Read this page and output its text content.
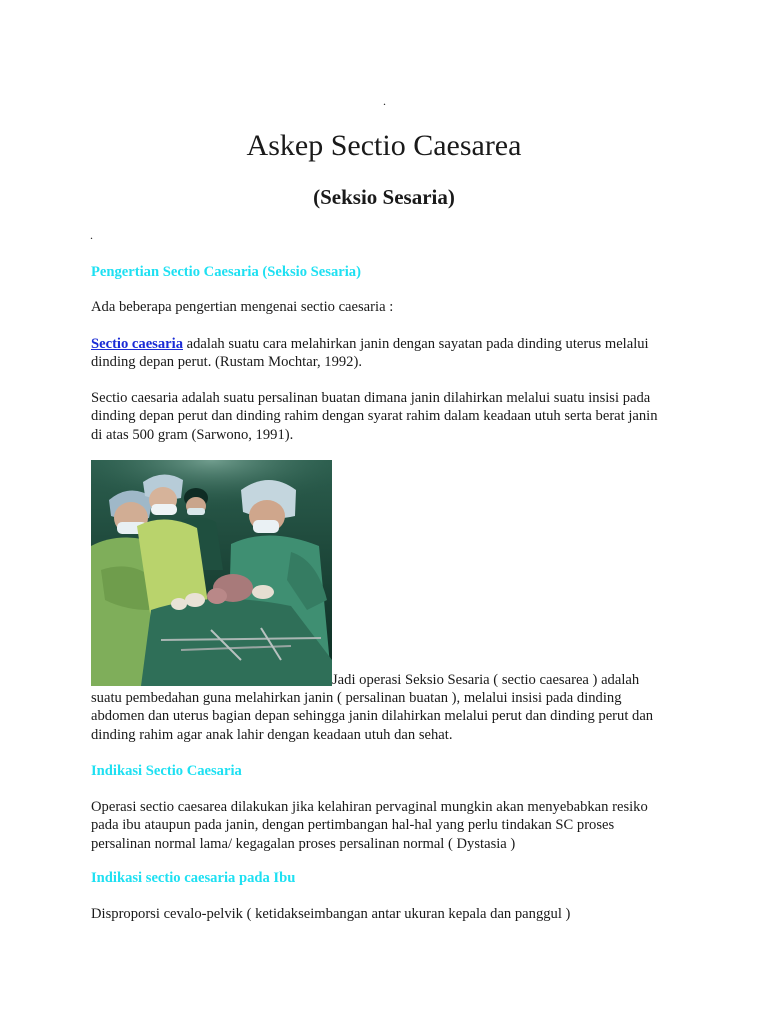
.
Askep Sectio Caesarea
(Seksio Sesaria)
.

Pengertian Sectio Caesaria (Seksio Sesaria)

Ada beberapa pengertian mengenai sectio caesaria :

Sectio caesaria adalah suatu cara melahirkan janin dengan sayatan pada dinding uterus melalui
dinding depan perut. (Rustam Mochtar, 1992).

Sectio caesaria adalah suatu persalinan buatan dimana janin dilahirkan melalui suatu insisi pada
dinding depan perut dan dinding rahim dengan syarat rahim dalam keadaan utuh serta berat janin
di atas 500 gram (Sarwono, 1991).

Jadi operasi Seksio Sesaria ( sectio caesarea ) adalah

suatu pembedahan guna melahirkan janin ( persalinan buatan ), melalui insisi pada dinding
abdomen dan uterus bagian depan sehingga janin dilahirkan melalui perut dan dinding perut dan
dinding rahim agar anak lahir dengan keadaan utuh dan sehat.

Indikasi Sectio Caesaria

Operasi sectio caesarea dilakukan jika kelahiran pervaginal mungkin akan menyebabkan resiko
pada ibu ataupun pada janin, dengan pertimbangan hal-hal yang perlu tindakan SC proses
persalinan normal lama/ kegagalan proses persalinan normal ( Dystasia )

Indikasi sectio caesaria pada Ibu

Disproporsi cevalo-pelvik ( ketidakseimbangan antar ukuran kepala dan panggul )
